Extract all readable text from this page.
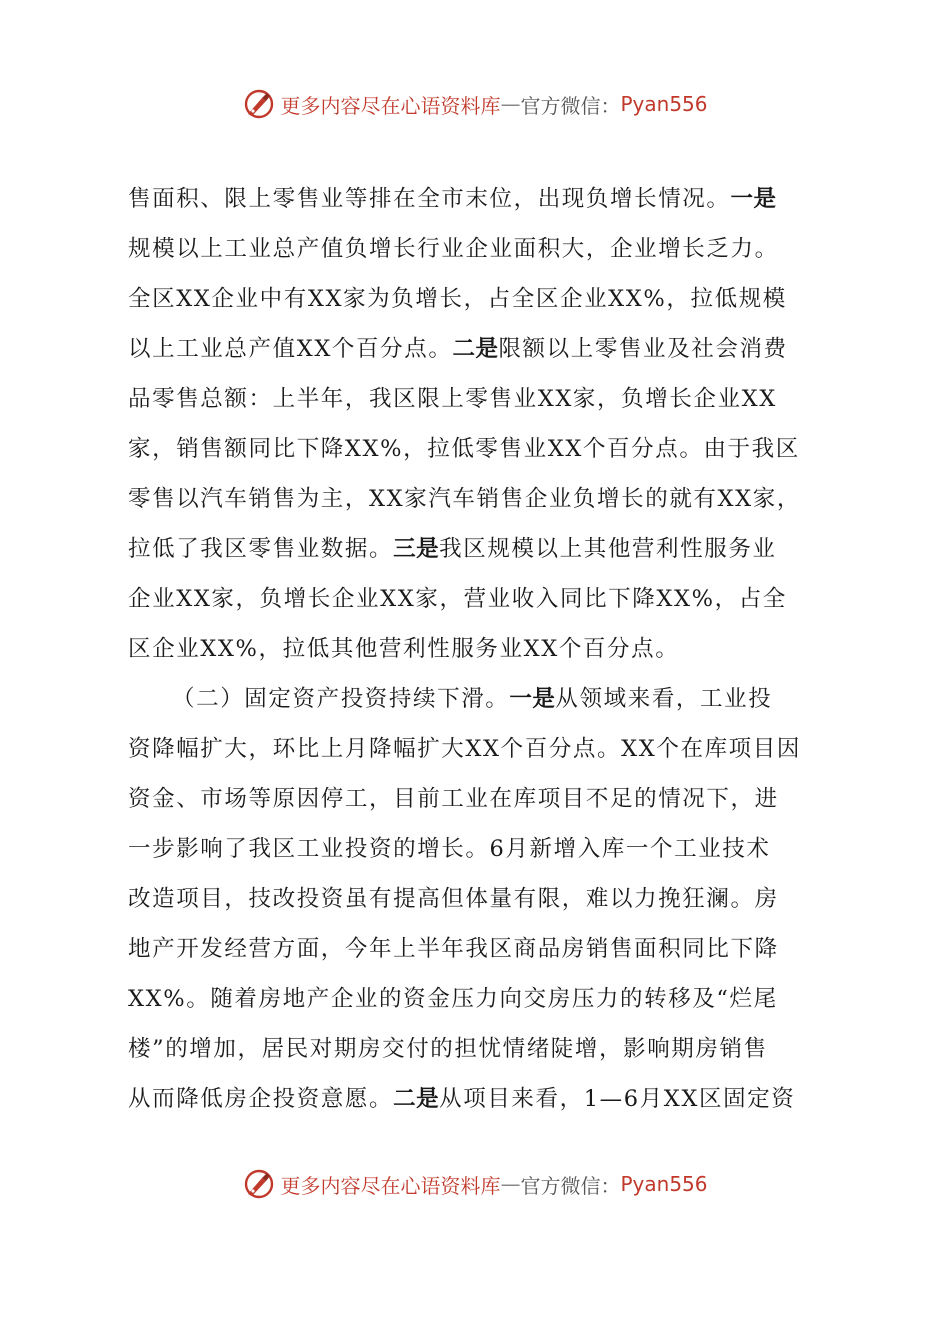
更多内容尽在心语资料库 — 官方微信： Pyan556
售面积、限上零售业等排在全市末位，出现负增长情况。一是
规模以上工业总产值负增长行业企业面积大，企业增长乏力。
全区XX企业中有XX家为负增长，占全区企业XX%，拉低规模
以上工业总产值XX个百分点。二是限额以上零售业及社会消费
品零售总额：上半年，我区限上零售业XX家，负增长企业XX
家，销售额同比下降XX%，拉低零售业XX个百分点。由于我区
零售以汽车销售为主，XX家汽车销售企业负增长的就有XX家，
拉低了我区零售业数据。三是我区规模以上其他营利性服务业
企业XX家，负增长企业XX家，营业收入同比下降XX%，占全
区企业XX%，拉低其他营利性服务业XX个百分点。
（二）固定资产投资持续下滑。一是从领域来看，工业投
资降幅扩大，环比上月降幅扩大XX个百分点。XX个在库项目因
资金、市场等原因停工，目前工业在库项目不足的情况下，进
一步影响了我区工业投资的增长。6月新增入库一个工业技术
改造项目，技改投资虽有提高但体量有限，难以力挽狂澜。房
地产开发经营方面，今年上半年我区商品房销售面积同比下降
XX%。随着房地产企业的资金压力向交房压力的转移及“烂尾
楼”的增加，居民对期房交付的担忧情绪陡增，影响期房销售
从而降低房企投资意愿。二是从项目来看，1—6月XX区固定资
更多内容尽在心语资料库 — 官方微信： Pyan556
